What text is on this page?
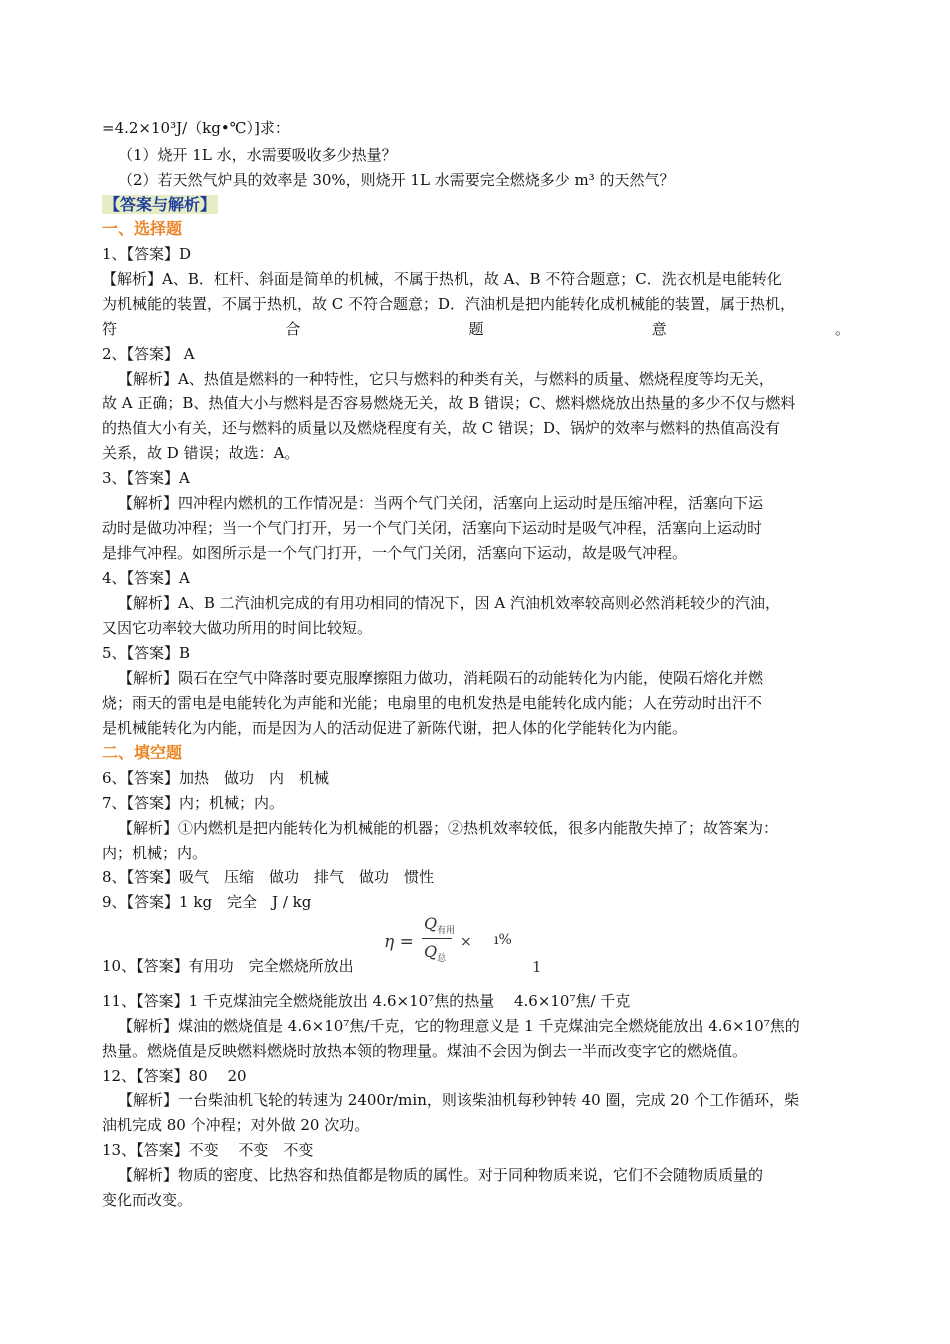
=4.2×10³J/（kg•℃）]求：
（1）烧开 1L 水，水需要吸收多少热量？
（2）若天然气炉具的效率是 30%，则烧开 1L 水需要完全燃烧多少 m³ 的天然气？
【答案与解析】
一、选择题
1、【答案】D
【解析】A、B．杠杆、斜面是简单的机械，不属于热机，故 A、B 不符合题意；C．洗衣机是电能转化
为机械能的装置，不属于热机，故 C 不符合题意；D．汽油机是把内能转化成机械能的装置，属于热机，
符	合	题	意	。
2、【答案】 A
【解析】A、热值是燃料的一种特性，它只与燃料的种类有关，与燃料的质量、燃烧程度等均无关，
故 A 正确；B、热值大小与燃料是否容易燃烧无关，故 B 错误；C、燃料燃烧放出热量的多少不仅与燃料
的热值大小有关，还与燃料的质量以及燃烧程度有关，故 C 错误；D、锅炉的效率与燃料的热值高没有
关系，故 D 错误；故选：A。
3、【答案】A
【解析】四冲程内燃机的工作情况是：当两个气门关闭，活塞向上运动时是压缩冲程，活塞向下运
动时是做功冲程；当一个气门打开，另一个气门关闭，活塞向下运动时是吸气冲程，活塞向上运动时
是排气冲程。如图所示是一个气门打开，一个气门关闭，活塞向下运动，故是吸气冲程。
4、【答案】A
【解析】A、B 二汽油机完成的有用功相同的情况下，因 A 汽油机效率较高则必然消耗较少的汽油，
又因它功率较大做功所用的时间比较短。
5、【答案】B
【解析】陨石在空气中降落时要克服摩擦阻力做功，消耗陨石的动能转化为内能，使陨石熔化并燃
烧；雨天的雷电是电能转化为声能和光能；电扇里的电机发热是电能转化成内能；人在劳动时出汗不
是机械能转化为内能，而是因为人的活动促进了新陈代谢，把人体的化学能转化为内能。
二、填空题
6、【答案】加热　做功　内　机械
7、【答案】内；机械；内。
【解析】①内燃机是把内能转化为机械能的机器；②热机效率较低，很多内能散失掉了；故答案为：
内；机械；内。
8、【答案】吸气　压缩　做功　排气　做功　惯性
9、【答案】1 kg　完全　J / kg
η =
$Q_{有用}$
× ı%
$Q_总$	1
10、【答案】有用功　完全燃烧所放出
11、【答案】1 千克煤油完全燃烧能放出 4.6×10⁷焦的热量　 4.6×10⁷焦/ 千克
【解析】煤油的燃烧值是 4.6×10⁷焦/千克，它的物理意义是 1 千克煤油完全燃烧能放出 4.6×10⁷焦的
热量。燃烧值是反映燃料燃烧时放热本领的物理量。煤油不会因为倒去一半而改变字它的燃烧值。
12、【答案】80　 20
【解析】一台柴油机飞轮的转速为 2400r/min，则该柴油机每秒钟转 40 圈，完成 20 个工作循环，柴
油机完成 80 个冲程；对外做 20 次功。
13、【答案】不变　 不变　不变
【解析】物质的密度、比热容和热值都是物质的属性。对于同种物质来说，它们不会随物质质量的
变化而改变。
